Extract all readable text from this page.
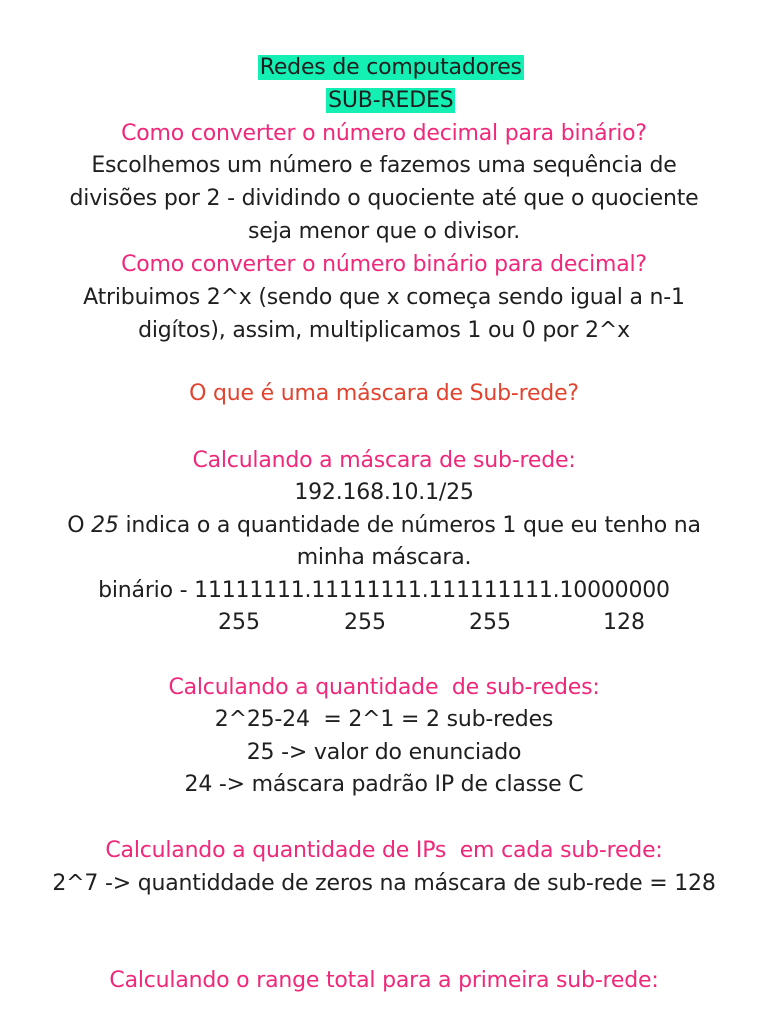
Redes de computadores

SUB-REDES

Como converter o número decimal para binário?
Escolhemos um número e fazemos uma sequência de
divisões por 2 - dividindo o quociente até que o quociente
seja menor que o divisor.
Como converter o número binário para decimal?
Atribuimos 2^x (sendo que x começa sendo igual a n-1
digítos), assim, multiplicamos 1 ou 0 por 2^x
O que é uma máscara de Sub-rede?
Calculando a máscara de sub-rede:
192.168.10.1/25
O 25 indica o a quantidade de números 1 que eu tenho na
minha máscara.
binário - 11111111.11111111.111111111.10000000
255	255	255	128
Calculando a quantidade  de sub-redes:
2^25-24  = 2^1 = 2 sub-redes
25 -> valor do enunciado
24 -> máscara padrão IP de classe C
Calculando a quantidade de IPs  em cada sub-rede:
2^7 -> quantiddade de zeros na máscara de sub-rede = 128
Calculando o range total para a primeira sub-rede:
